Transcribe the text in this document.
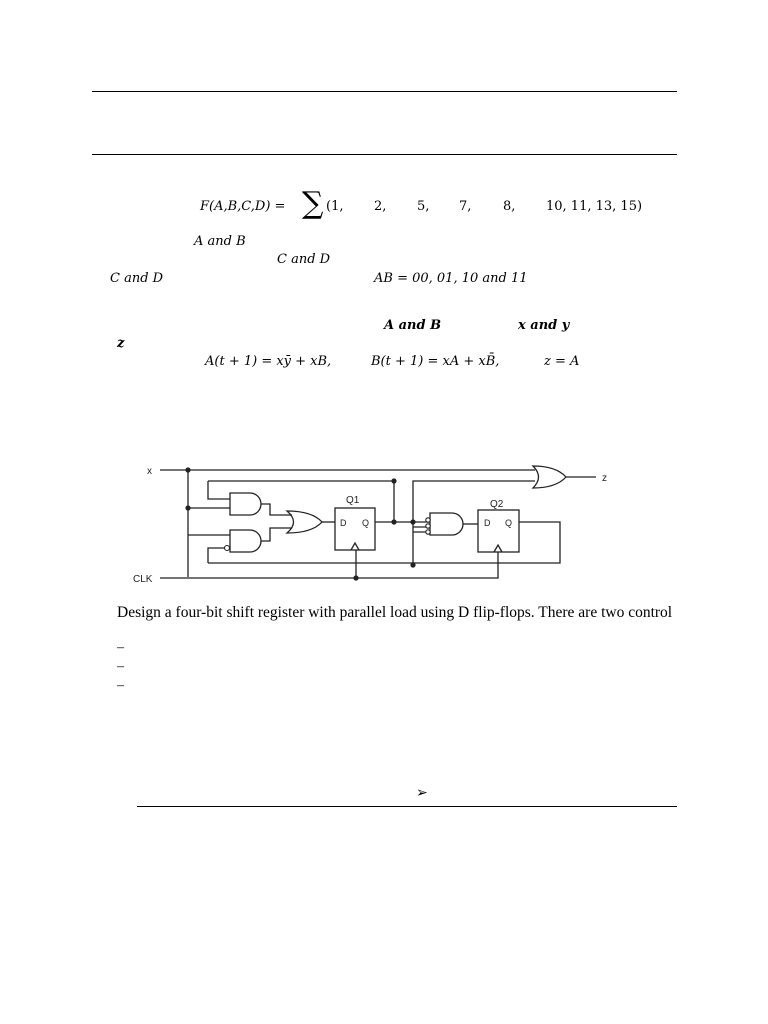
F(A,B,C,D) = ∑ (1, 2, 5, 7, 8, 10, 11, 13, 15)
A and B
C and D
C and D	AB = 00, 01, 10 and 11
A and B	x and y
z
A(t + 1) = xȳ + xB,	B(t + 1) = xA + xB̄,	z = A
x
z
CLK
Q1	Q2
D Q	D Q
Design a four-bit shift register with parallel load using D flip-flops. There are two control
–
–
–
➢
